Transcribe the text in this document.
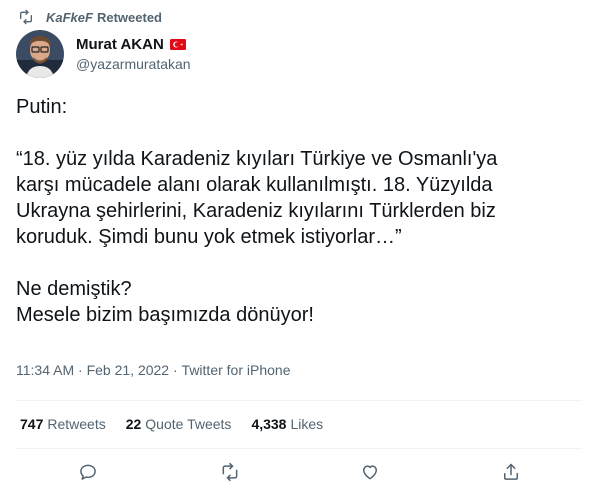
KaFkeF Retweeted
Murat AKAN
@yazarmuratakan

Putin:

“18. yüz yılda Karadeniz kıyıları Türkiye ve Osmanlı'ya

karşı mücadele alanı olarak kullanılmıştı. 18. Yüzyılda

Ukrayna şehirlerini, Karadeniz kıyılarını Türklerden biz

koruduk. Şimdi bunu yok etmek istiyorlar…”

Ne demiştik?

Mesele bizim başımızda dönüyor!

11:34 AM · Feb 21, 2022 · Twitter for iPhone
747 Retweets 22 Quote Tweets 4,338 Likes
